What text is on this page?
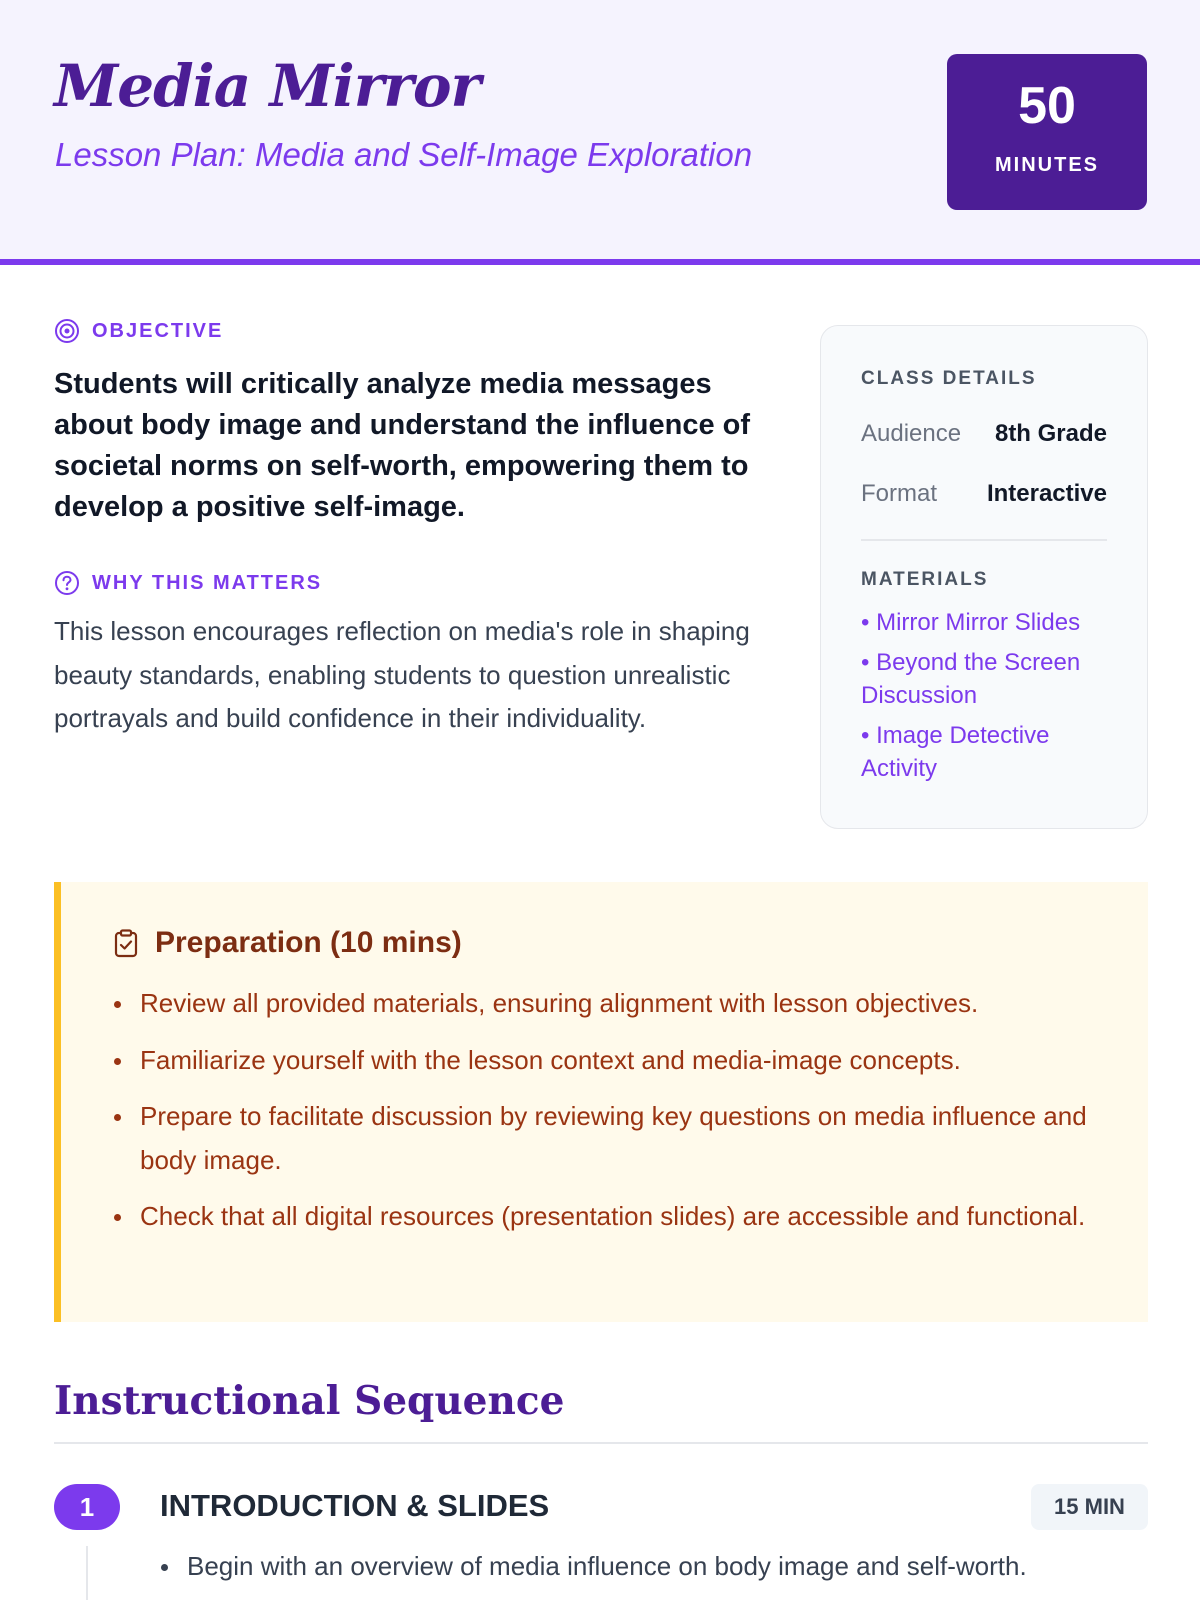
Media Mirror
Lesson Plan: Media and Self-Image Exploration
50
MINUTES
OBJECTIVE
Students will critically analyze media messages about body image and understand the influence of societal norms on self-worth, empowering them to develop a positive self-image.
WHY THIS MATTERS
This lesson encourages reflection on media's role in shaping beauty standards, enabling students to question unrealistic portrayals and build confidence in their individuality.
CLASS DETAILS
Audience 8th Grade
Format Interactive
MATERIALS
• Mirror Mirror Slides
• Beyond the Screen Discussion
• Image Detective Activity
Preparation (10 mins)
Review all provided materials, ensuring alignment with lesson objectives.
Familiarize yourself with the lesson context and media-image concepts.
Prepare to facilitate discussion by reviewing key questions on media influence and body image.
Check that all digital resources (presentation slides) are accessible and functional.
Instructional Sequence
1	INTRODUCTION & SLIDES	15 MIN
Begin with an overview of media influence on body image and self-worth.
